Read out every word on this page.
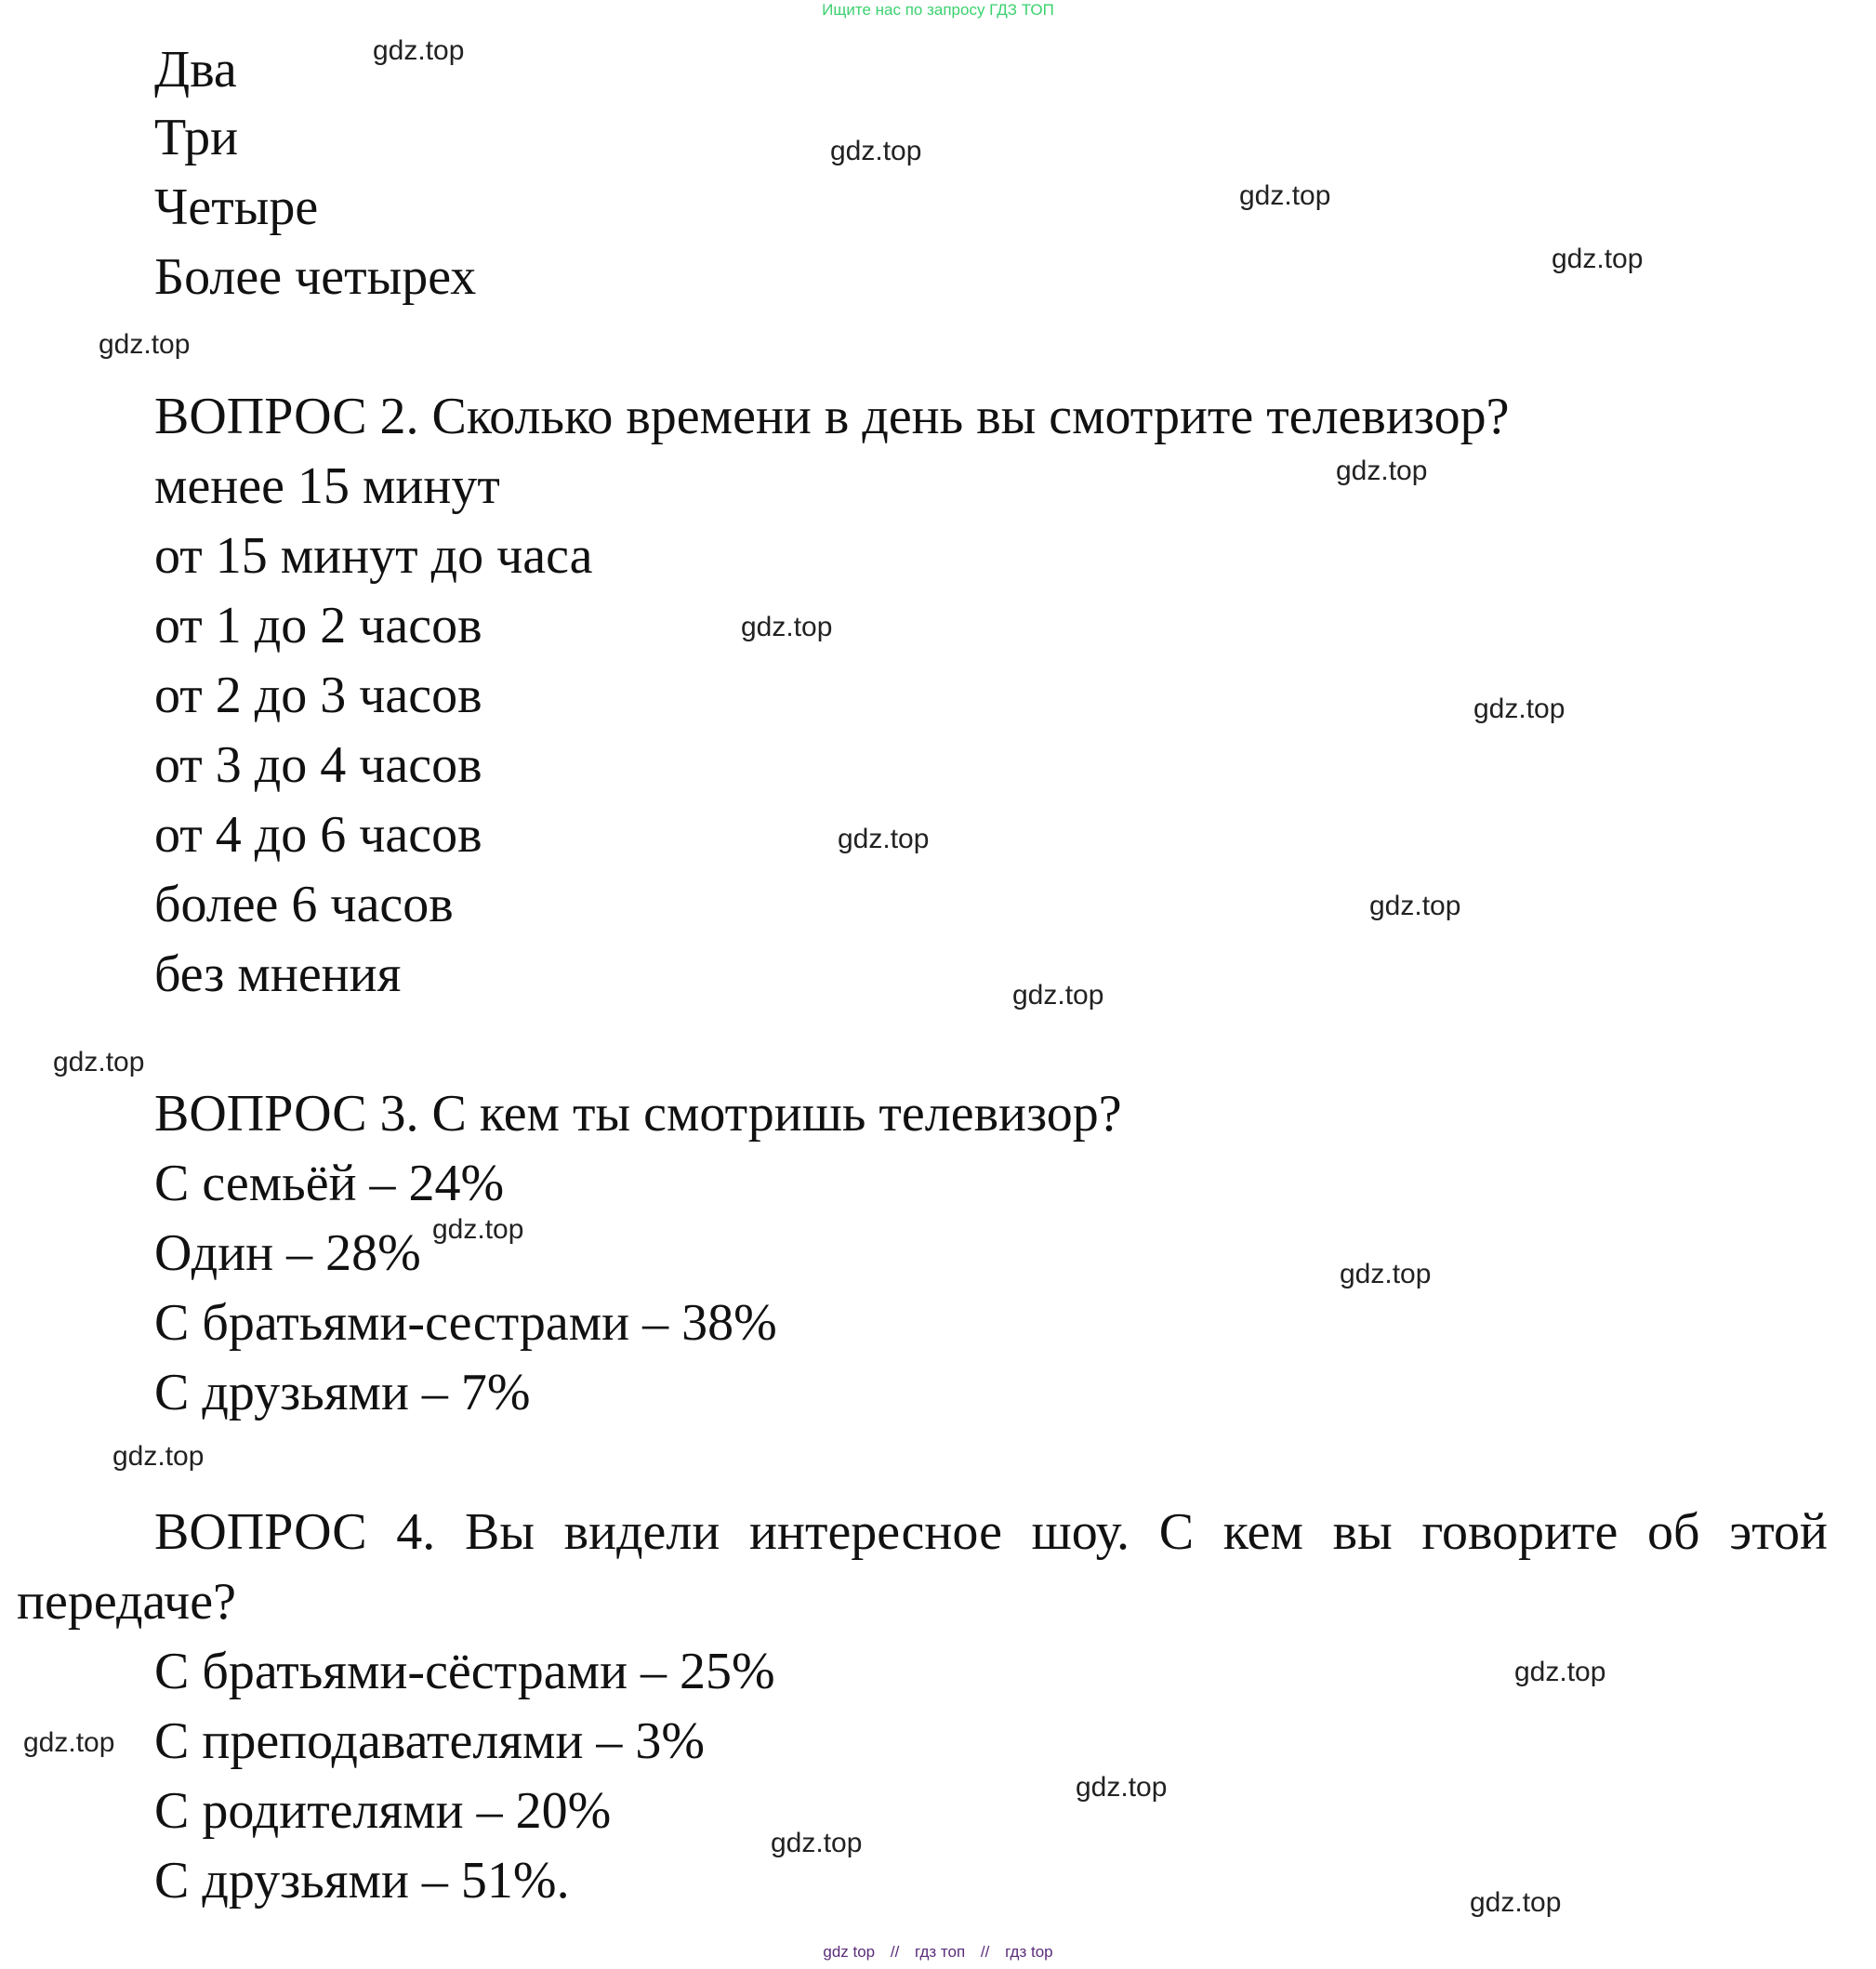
Ищите нас по запросу ГДЗ ТОП

Два

Три

Четыре

Более четырех

ВОПРОС 2. Сколько времени в день вы смотрите телевизор?

менее 15 минут

от 15 минут до часа

от 1 до 2 часов

от 2 до 3 часов

от 3 до 4 часов

от 4 до 6 часов

более 6 часов

без мнения

ВОПРОС 3. С кем ты смотришь телевизор?

С семьёй – 24%

Один – 28%

С братьями-сестрами – 38%

С друзьями – 7%

ВОПРОС 4. Вы видели интересное шоу. С кем вы говорите об этой

передаче?

С братьями-сёстрами – 25%

С преподавателями – 3%

С родителями – 20%

С друзьями – 51%.

gdz.top
gdz.top
gdz.top
gdz.top
gdz.top
gdz.top
gdz.top
gdz.top
gdz.top
gdz.top
gdz.top
gdz.top
gdz.top
gdz.top
gdz.top
gdz.top
gdz.top
gdz.top
gdz.top
gdz.top
gdz top // гдз топ // гдз top
